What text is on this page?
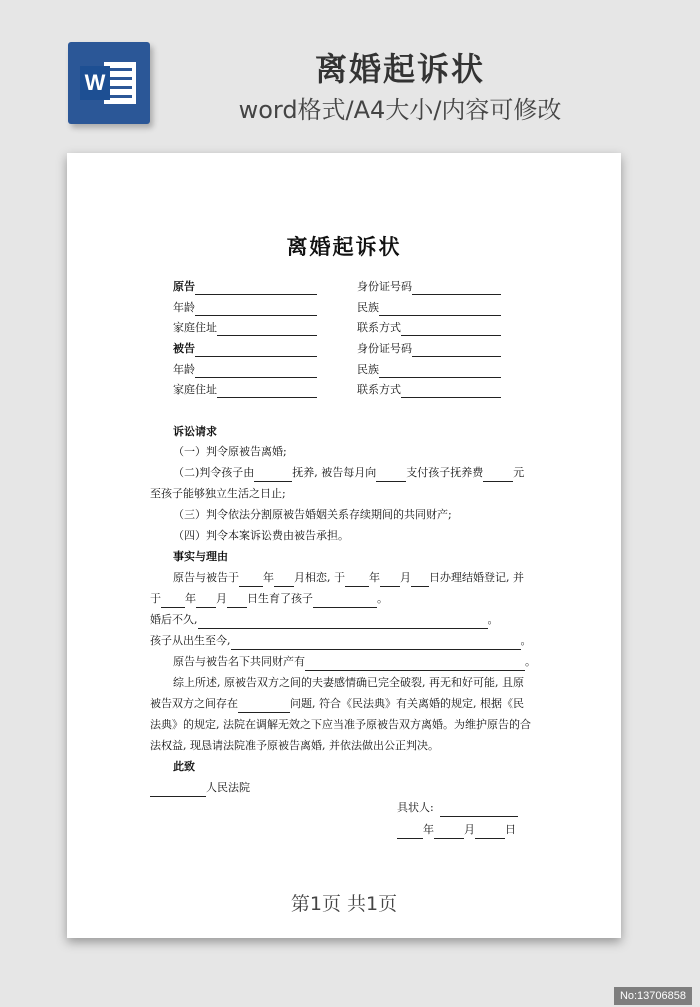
W	离婚起诉状
word格式/A4大小/内容可修改
离婚起诉状
原告	身份证号码
年龄	民族
家庭住址	联系方式
被告	身份证号码
年龄	民族
家庭住址	联系方式
诉讼请求
（一）判令原被告离婚;
（二)判令孩子由	抚养, 被告每月向	支付孩子抚养费	元
至孩子能够独立生活之日止;
（三）判令依法分割原被告婚姻关系存续期间的共同财产;
（四）判令本案诉讼费由被告承担。
事实与理由
原告与被告于 年 月相恋, 于 年 月 日办理结婚登记, 并
于 年 月 日生育了孩子	。
婚后不久,	。
孩子从出生至今,	。
原告与被告名下共同财产有	。
综上所述, 原被告双方之间的夫妻感情确已完全破裂, 再无和好可能, 且原
被告双方之间存在	问题, 符合《民法典》有关离婚的规定, 根据《民
法典》的规定, 法院在调解无效之下应当准予原被告双方离婚。为维护原告的合
法权益, 现恳请法院准予原被告离婚, 并依法做出公正判决。
此致
人民法院
具状人:
年	月	日
第1页 共1页
No:13706858
